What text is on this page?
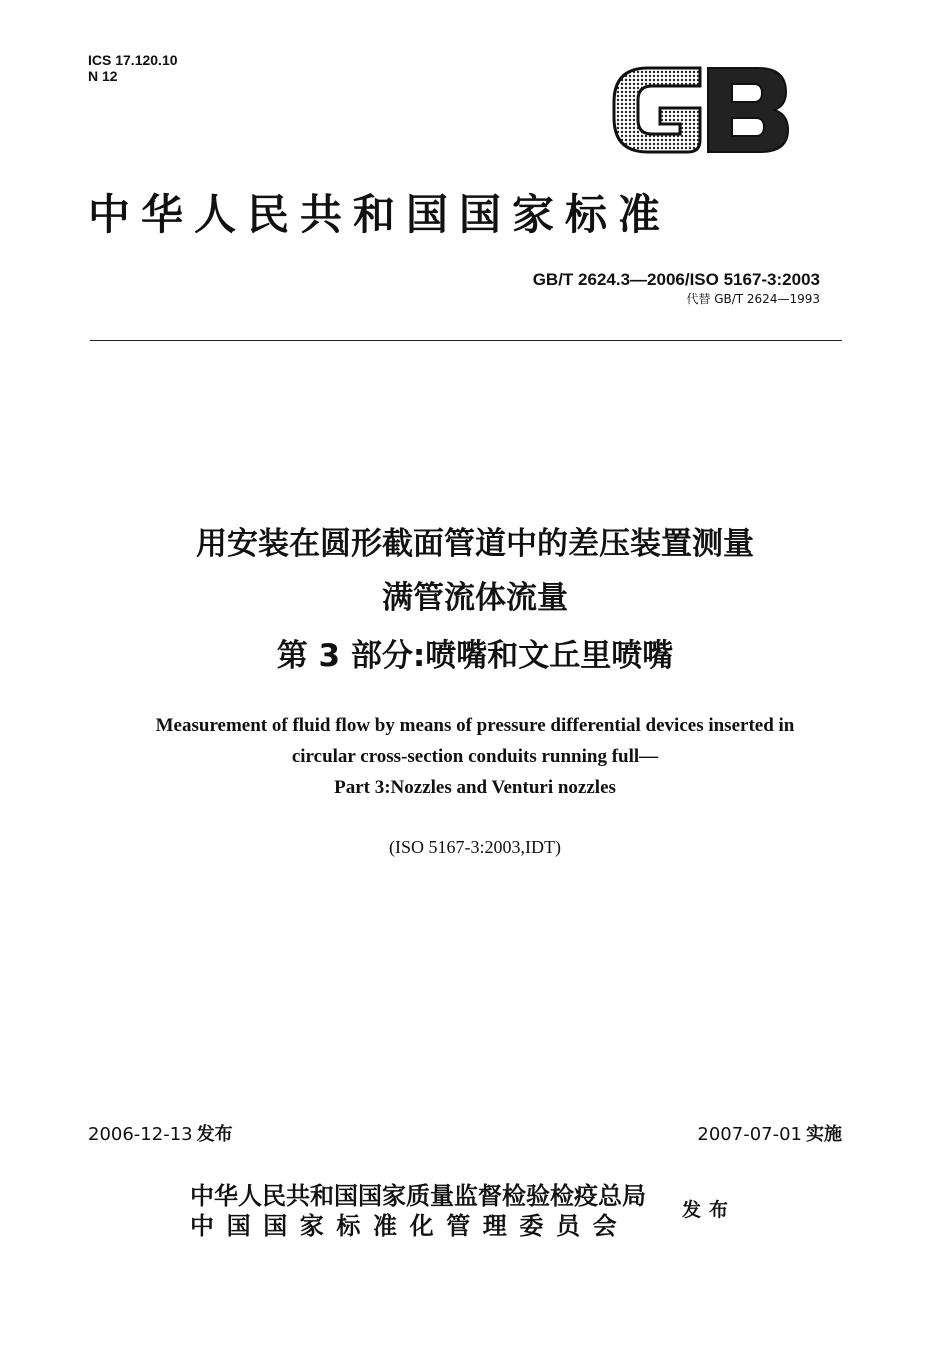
ICS 17.120.10
N 12
中华人民共和国国家标准
GB/T 2624.3—2006/ISO 5167-3:2003
代替 GB/T 2624—1993
用安装在圆形截面管道中的差压装置测量
满管流体流量
第 3 部分:喷嘴和文丘里喷嘴
Measurement of fluid flow by means of pressure differential devices inserted in
circular cross-section conduits running full—
Part 3:Nozzles and Venturi nozzles
(ISO 5167-3:2003,IDT)
2006-12-13 发布	2007-07-01 实施
中华人民共和国国家质量监督检验检疫总局
中国国家标准化管理委员会
发布
